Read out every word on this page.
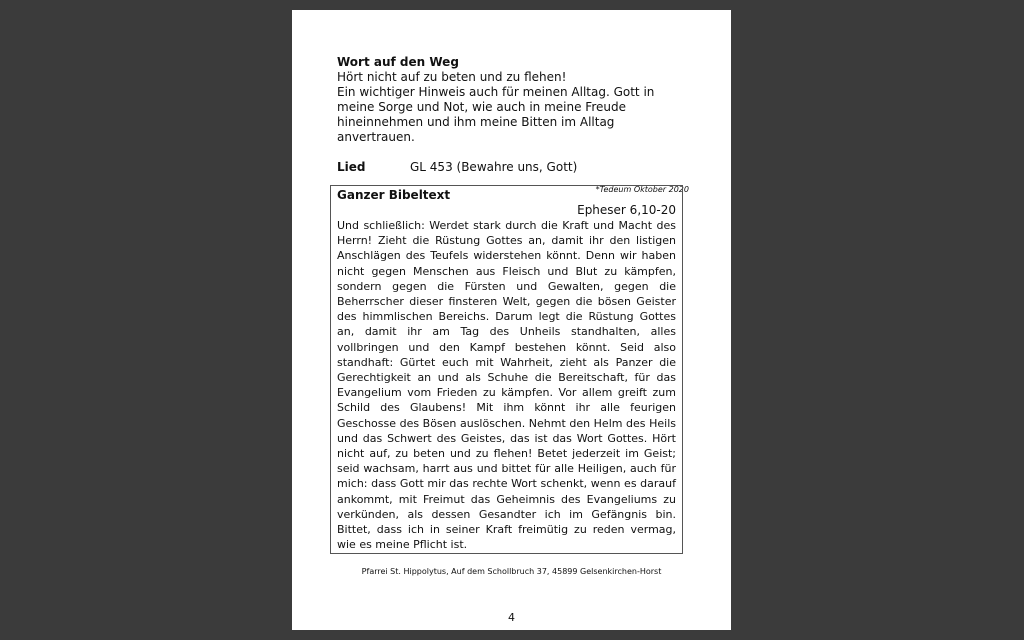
Wort auf den Weg

Hört nicht auf zu beten und zu flehen!

Ein wichtiger Hinweis auch für meinen Alltag. Gott in meine Sorge und Not, wie auch in meine Freude hineinnehmen und ihm meine Bitten im Alltag anvertrauen.

Lied	GL 453 (Bewahre uns, Gott)
*Tedeum Oktober 2020
Ganzer Bibeltext
Epheser 6,10-20
Und schließlich: Werdet stark durch die Kraft und Macht des Herrn! Zieht die Rüstung Gottes an, damit ihr den listigen Anschlägen des Teufels widerstehen könnt. Denn wir haben nicht gegen Menschen aus Fleisch und Blut zu kämpfen, sondern gegen die Fürsten und Gewalten, gegen die Beherrscher dieser finsteren Welt, gegen die bösen Geister des himmlischen Bereichs. Darum legt die Rüstung Gottes an, damit ihr am Tag des Unheils standhalten, alles vollbringen und den Kampf bestehen könnt. Seid also standhaft: Gürtet euch mit Wahrheit, zieht als Panzer die Gerechtigkeit an und als Schuhe die Bereitschaft, für das Evangelium vom Frieden zu kämpfen. Vor allem greift zum Schild des Glaubens! Mit ihm könnt ihr alle feurigen Geschosse des Bösen auslöschen. Nehmt den Helm des Heils und das Schwert des Geistes, das ist das Wort Gottes. Hört nicht auf, zu beten und zu flehen! Betet jederzeit im Geist; seid wachsam, harrt aus und bittet für alle Heiligen, auch für mich: dass Gott mir das rechte Wort schenkt, wenn es darauf ankommt, mit Freimut das Geheimnis des Evangeliums zu verkünden, als dessen Gesandter ich im Gefängnis bin. Bittet, dass ich in seiner Kraft freimütig zu reden vermag, wie es meine Pflicht ist.
Pfarrei St. Hippolytus, Auf dem Schollbruch 37, 45899 Gelsenkirchen-Horst
4
